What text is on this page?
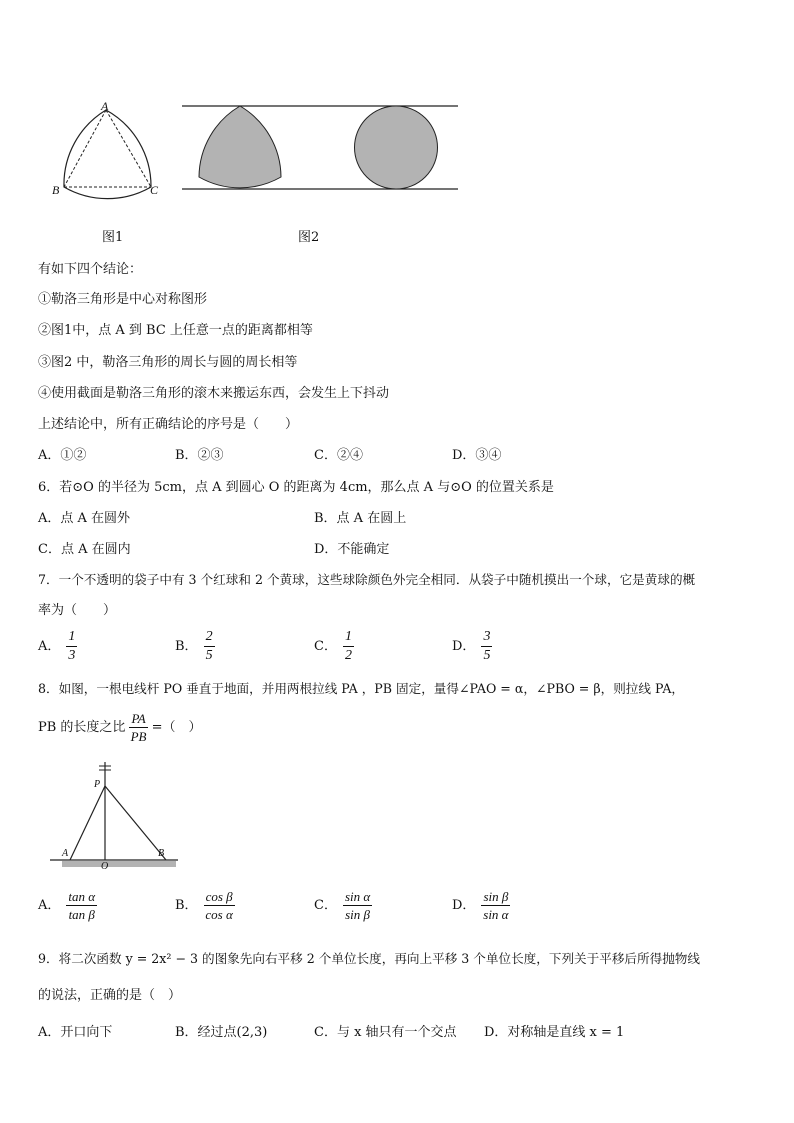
A
B	C
图1	图2
有如下四个结论：
①勒洛三角形是中心对称图形
②图1中，点 A 到 BC 上任意一点的距离都相等
③图2 中，勒洛三角形的周长与圆的周长相等
④使用截面是勒洛三角形的滚木来搬运东西，会发生上下抖动
上述结论中，所有正确结论的序号是（　　）
A．①②	B．②③	C．②④	D．③④
6．若⊙O 的半径为 5cm，点 A 到圆心 O 的距离为 4cm，那么点 A 与⊙O 的位置关系是
A．点 A 在圆外	B．点 A 在圆上
C．点 A 在圆内	D．不能确定
7．一个不透明的袋子中有 3 个红球和 2 个黄球，这些球除颜色外完全相同．从袋子中随机摸出一个球，它是黄球的概
率为（　　）
A． $\frac{1}{3}$	B． $\frac{2}{5}$	C． $\frac{1}{2}$	D． $\frac{3}{5}$
8．如图，一根电线杆 PO 垂直于地面，并用两根拉线 PA ，PB 固定，量得∠PAO = α，∠PBO = β，则拉线 PA，
PB 的长度之比 $\frac{PA}{PB}$ =（　）
P
A	B
O
A． $\frac{\text{tan α}}{\text{tan β}}$	B． $\frac{\text{cos β}}{\text{cos α}}$	C． $\frac{\text{sin α}}{\text{sin β}}$	D． $\frac{\text{sin β}}{\text{sin α}}$
9．将二次函数 y = 2x² − 3 的图象先向右平移 2 个单位长度，再向上平移 3 个单位长度，下列关于平移后所得抛物线
的说法，正确的是（　）
A．开口向下	B．经过点(2,3)	C．与 x 轴只有一个交点 D．对称轴是直线 x = 1
